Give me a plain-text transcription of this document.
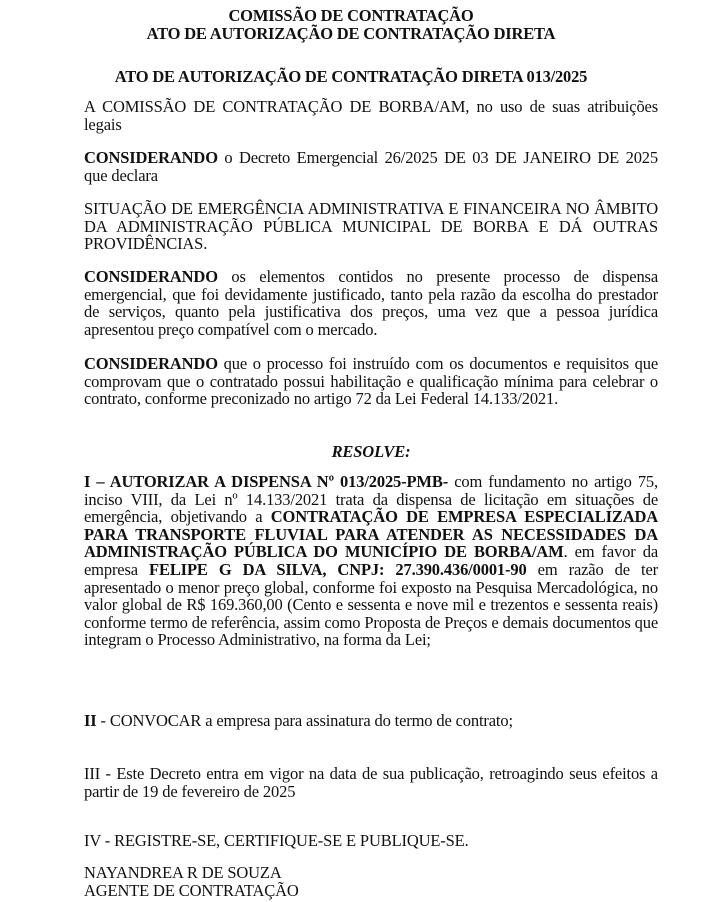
COMISSÃO DE CONTRATAÇÃO
ATO DE AUTORIZAÇÃO DE CONTRATAÇÃO DIRETA
ATO DE AUTORIZAÇÃO DE CONTRATAÇÃO DIRETA 013/2025

A COMISSÃO DE CONTRATAÇÃO DE BORBA/AM, no uso de suas atribuições legais

CONSIDERANDO o Decreto Emergencial 26/2025 DE 03 DE JANEIRO DE 2025 que declara

SITUAÇÃO DE EMERGÊNCIA ADMINISTRATIVA E FINANCEIRA NO ÂMBITO DA ADMINISTRAÇÃO PÚBLICA MUNICIPAL DE BORBA E DÁ OUTRAS PROVIDÊNCIAS.

CONSIDERANDO os elementos contidos no presente processo de dispensa emergencial, que foi devidamente justificado, tanto pela razão da escolha do prestador de serviços, quanto pela justificativa dos preços, uma vez que a pessoa jurídica apresentou preço compatível com o mercado.

CONSIDERANDO que o processo foi instruído com os documentos e requisitos que comprovam que o contratado possui habilitação e qualificação mínima para celebrar o contrato, conforme preconizado no artigo 72 da Lei Federal 14.133/2021.

RESOLVE:

I – AUTORIZAR A DISPENSA Nº 013/2025-PMB- com fundamento no artigo 75, inciso VIII, da Lei nº 14.133/2021 trata da dispensa de licitação em situações de emergência, objetivando a CONTRATAÇÃO DE EMPRESA ESPECIALIZADA PARA TRANSPORTE FLUVIAL PARA ATENDER AS NECESSIDADES DA ADMINISTRAÇÃO PÚBLICA DO MUNICÍPIO DE BORBA/AM. em favor da empresa FELIPE G DA SILVA, CNPJ: 27.390.436/0001-90 em razão de ter apresentado o menor preço global, conforme foi exposto na Pesquisa Mercadológica, no valor global de R$ 169.360,00 (Cento e sessenta e nove mil e trezentos e sessenta reais) conforme termo de referência, assim como Proposta de Preços e demais documentos que integram o Processo Administrativo, na forma da Lei;

II - CONVOCAR a empresa para assinatura do termo de contrato;

III - Este Decreto entra em vigor na data de sua publicação, retroagindo seus efeitos a partir de 19 de fevereiro de 2025

IV - REGISTRE-SE, CERTIFIQUE-SE E PUBLIQUE-SE.

NAYANDREA R DE SOUZA

AGENTE DE CONTRATAÇÃO
